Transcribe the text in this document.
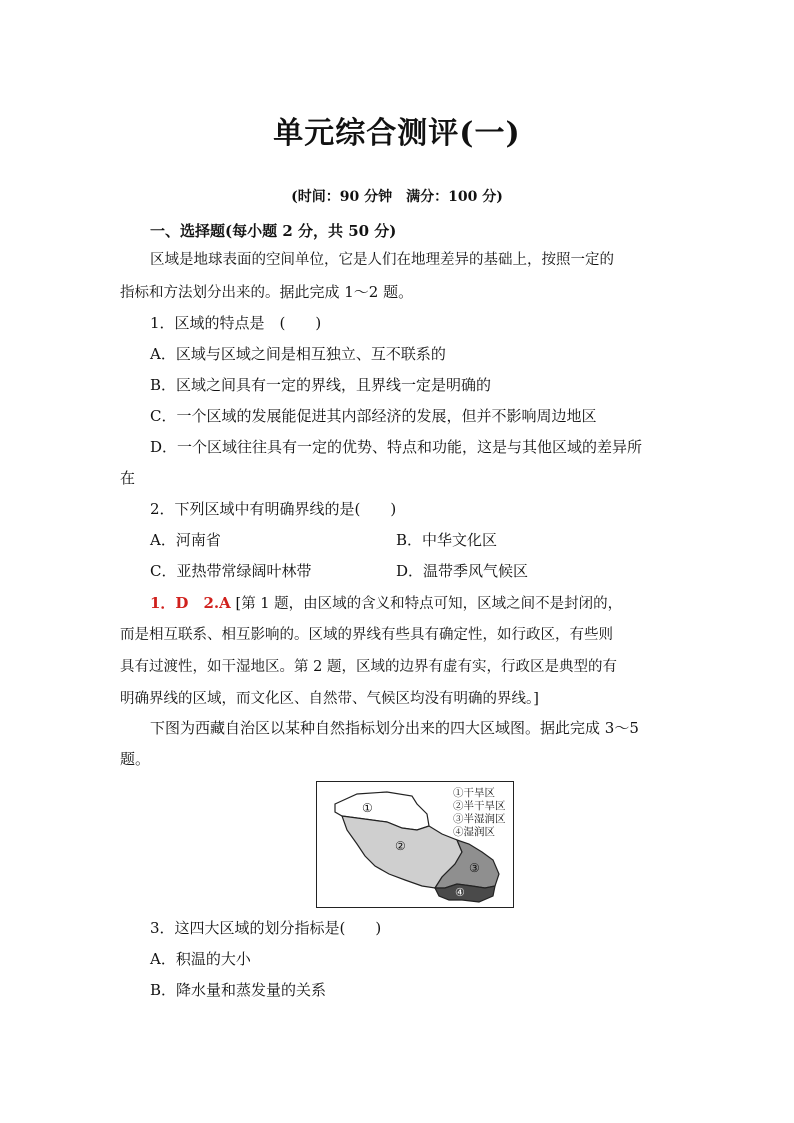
单元综合测评(一)
(时间：90 分钟　满分：100 分)
一、选择题(每小题 2 分，共 50 分)
区域是地球表面的空间单位，它是人们在地理差异的基础上，按照一定的
指标和方法划分出来的。据此完成 1～2 题。
1．区域的特点是　(　　)
A．区域与区域之间是相互独立、互不联系的
B．区域之间具有一定的界线，且界线一定是明确的
C．一个区域的发展能促进其内部经济的发展，但并不影响周边地区
D．一个区域往往具有一定的优势、特点和功能，这是与其他区域的差异所
在
2．下列区域中有明确界线的是(　　)
A．河南省	B．中华文化区
C．亚热带常绿阔叶林带	D．温带季风气候区
1．D　2.A [第 1 题，由区域的含义和特点可知，区域之间不是封闭的，
而是相互联系、相互影响的。区域的界线有些具有确定性，如行政区，有些则
具有过渡性，如干湿地区。第 2 题，区域的边界有虚有实，行政区是典型的有
明确界线的区域，而文化区、自然带、气候区均没有明确的界线。]
下图为西藏自治区以某种自然指标划分出来的四大区域图。据此完成 3～5
题。
①
②
③
④
①干旱区
②半干旱区
③半湿润区
④湿润区
3．这四大区域的划分指标是(　　)
A．积温的大小
B．降水量和蒸发量的关系
